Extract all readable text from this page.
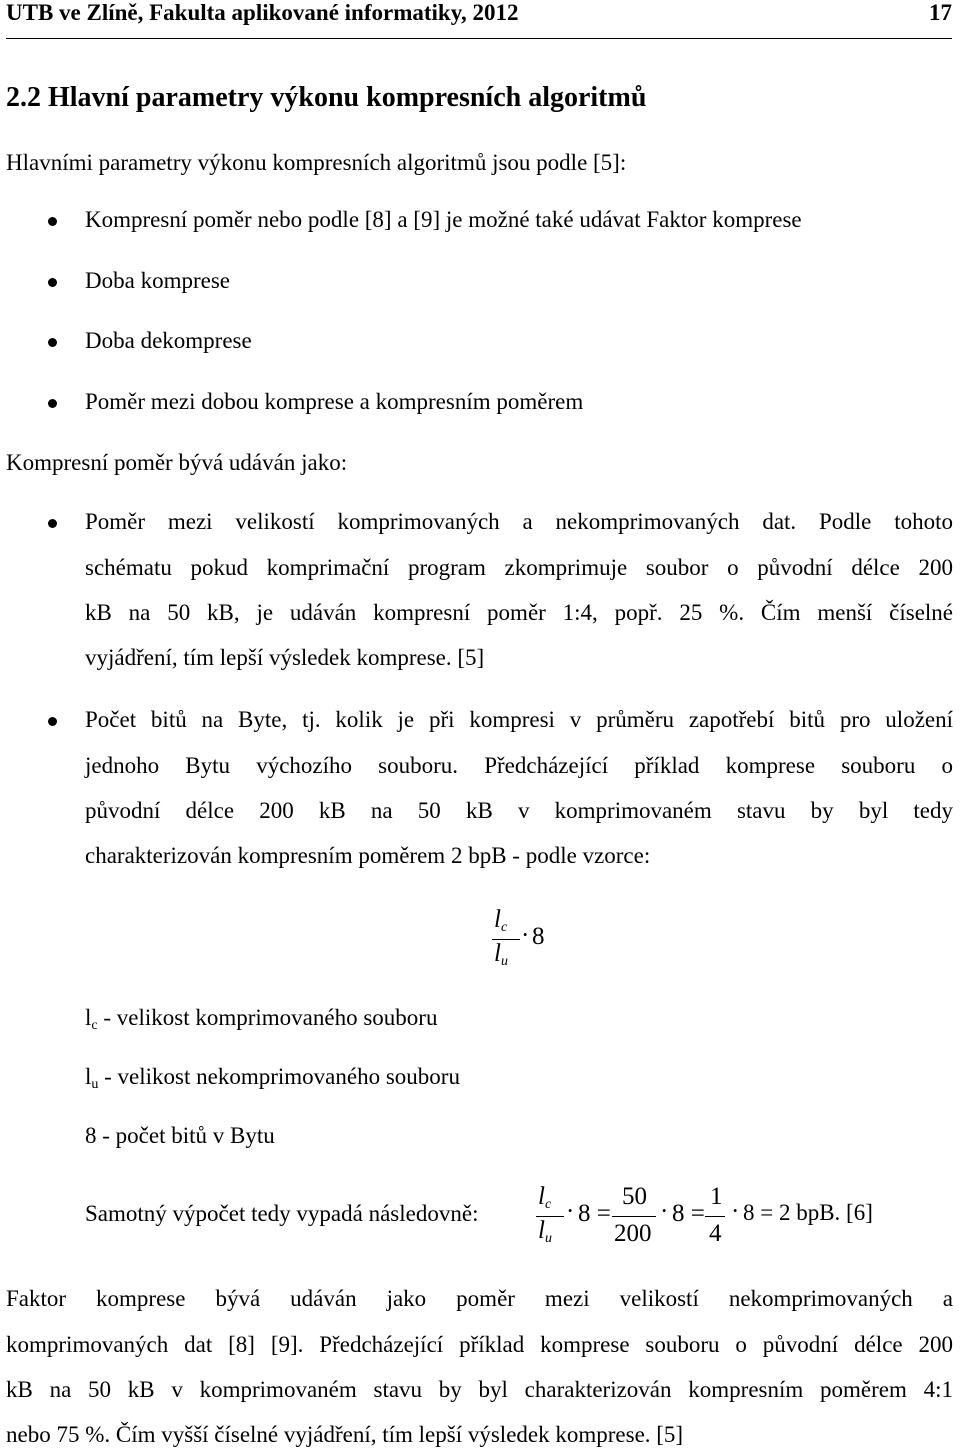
UTB ve Zlíně, Fakulta aplikované informatiky, 2012	17
2.2 Hlavní parametry výkonu kompresních algoritmů
Hlavními parametry výkonu kompresních algoritmů jsou podle [5]:
Kompresní poměr nebo podle [8] a [9] je možné také udávat Faktor komprese
Doba komprese
Doba dekomprese
Poměr mezi dobou komprese a kompresním poměrem
Kompresní poměr bývá udáván jako:
Poměr mezi velikostí komprimovaných a nekomprimovaných dat. Podle tohoto
schématu pokud komprimační program zkomprimuje soubor o původní délce 200
kB na 50 kB, je udáván kompresní poměr 1:4, popř. 25 %. Čím menší číselné
vyjádření, tím lepší výsledek komprese. [5]
Počet bitů na Byte, tj. kolik je při kompresi v průměru zapotřebí bitů pro uložení
jednoho Bytu výchozího souboru. Předcházející příklad komprese souboru o
původní délce 200 kB na 50 kB v komprimovaném stavu by byl tedy
charakterizován kompresním poměrem 2 bpB - podle vzorce:
$l_c$
$l_u$
· 8
$l_c$ - velikost komprimovaného souboru
$l_u$ - velikost nekomprimovaného souboru
8 - počet bitů v Bytu
Samotný výpočet tedy vypadá následovně:
$l_c$
$l_u$
· 8 =
50
200
· 8 =
1
4
· 8 = 2 bpB. [6]
Faktor komprese bývá udáván jako poměr mezi velikostí nekomprimovaných a
komprimovaných dat [8] [9]. Předcházející příklad komprese souboru o původní délce 200
kB na 50 kB v komprimovaném stavu by byl charakterizován kompresním poměrem 4:1
nebo 75 %. Čím vyšší číselné vyjádření, tím lepší výsledek komprese. [5]
